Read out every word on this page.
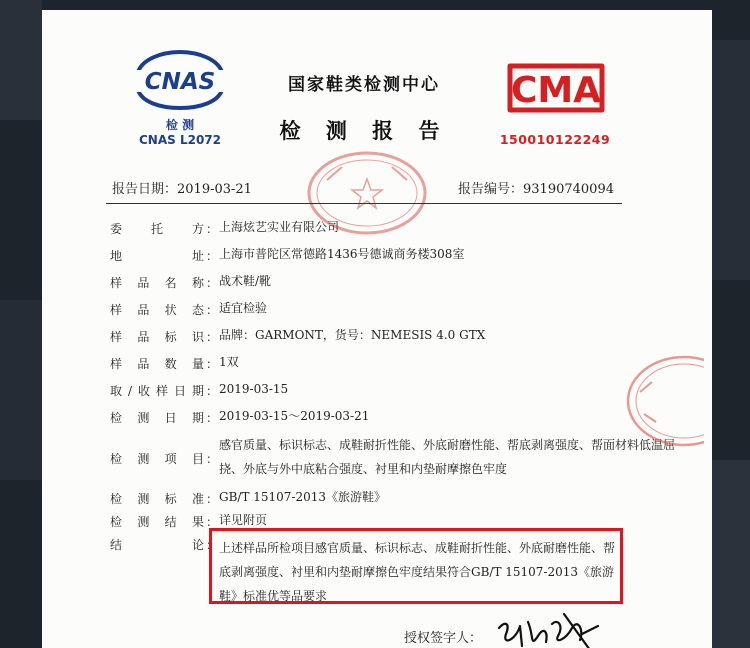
CNAS
检 测
CNAS L2072
国家鞋类检测中心
检 测 报 告
CMA
150010122249
报告日期：2019-03-21	报告编号：93190740094
委托方 ： 上海炫艺实业有限公司
地址 ： 上海市普陀区常德路1436号德诚商务楼308室
样品名称 ： 战术鞋/靴
样品状态 ： 适宜检验
样品标识 ： 品牌：GARMONT，货号：NEMESIS 4.0 GTX
样品数量 ： 1双
取/收样日期 ： 2019-03-15
检测日期 ： 2019-03-15～2019-03-21
检测项目 ：
感官质量、标识标志、成鞋耐折性能、外底耐磨性能、帮底剥离强度、帮面材料低温屈挠、外底与外中底粘合强度、衬里和内垫耐摩擦色牢度
检测标准 ： GB/T 15107-2013《旅游鞋》
检测结果 ： 详见附页
结论 ： 上述样品所检项目感官质量、标识标志、成鞋耐折性能、外底耐磨性能、帮底剥离强度、衬里和内垫耐摩擦色牢度结果符合GB/T 15107-2013《旅游鞋》标准优等品要求
授权签字人：
